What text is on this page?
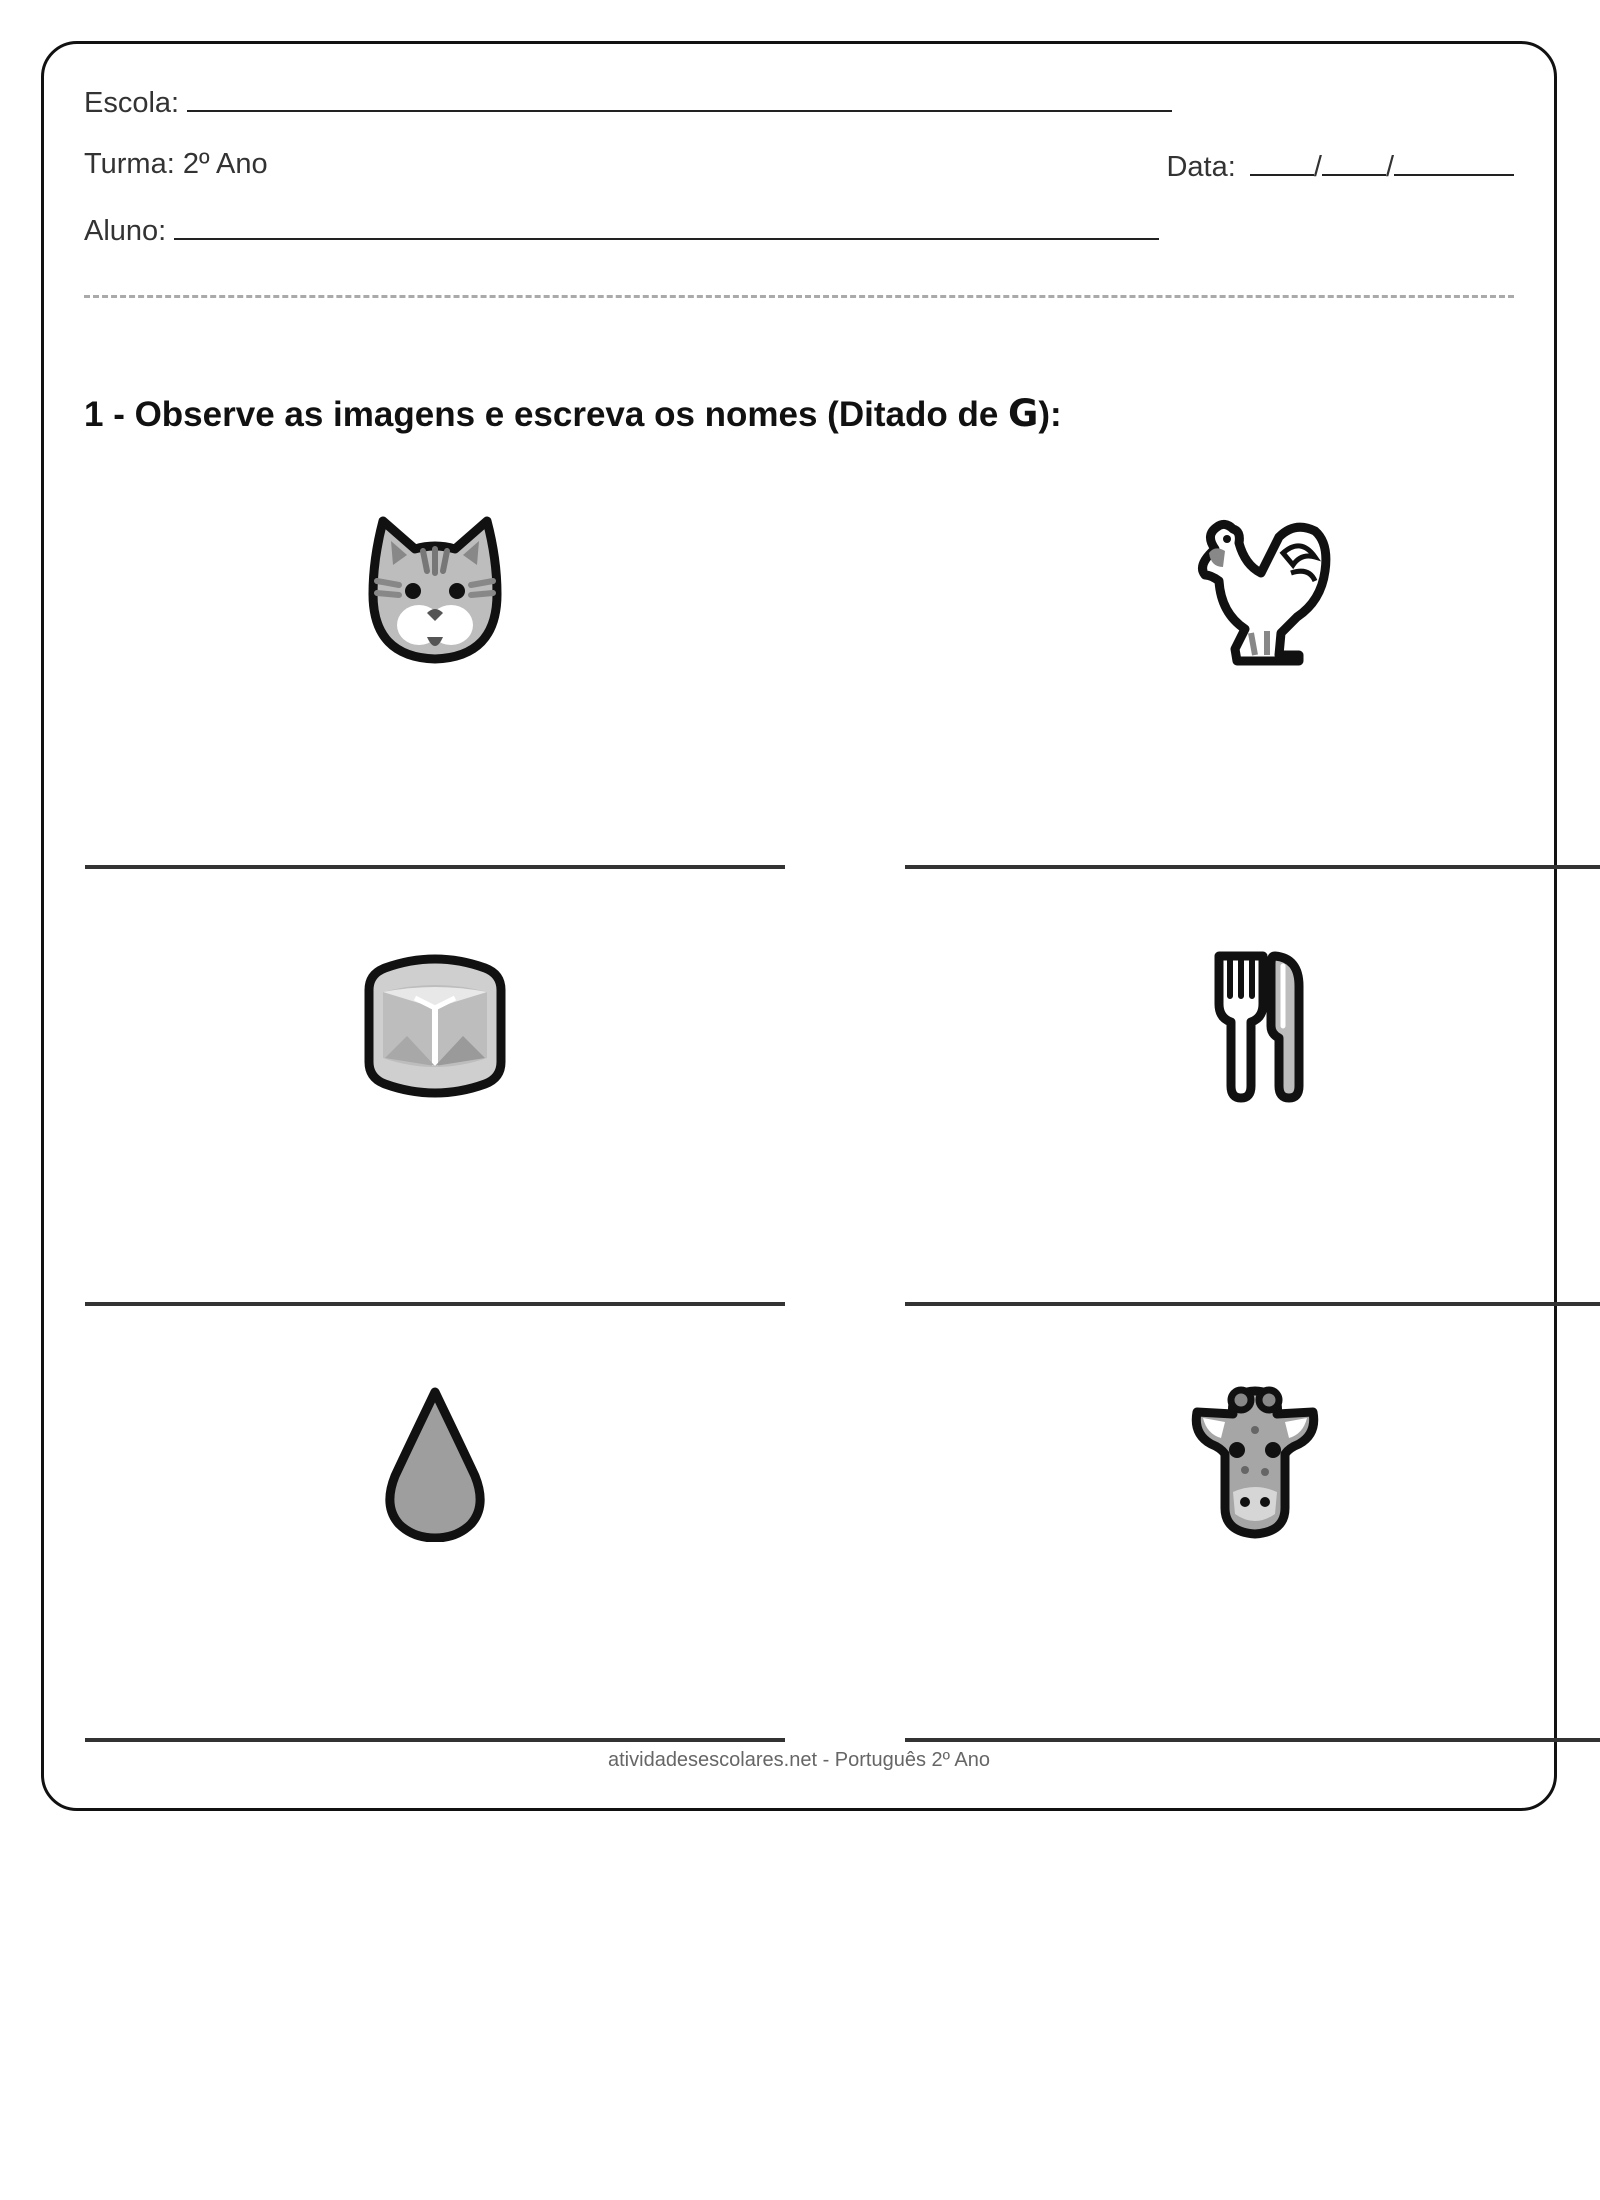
Escola:
Turma: 2º Ano	Data:	/ /
Aluno:
1 - Observe as imagens e escreva os nomes (Ditado de G):
atividadesescolares.net - Português 2º Ano
